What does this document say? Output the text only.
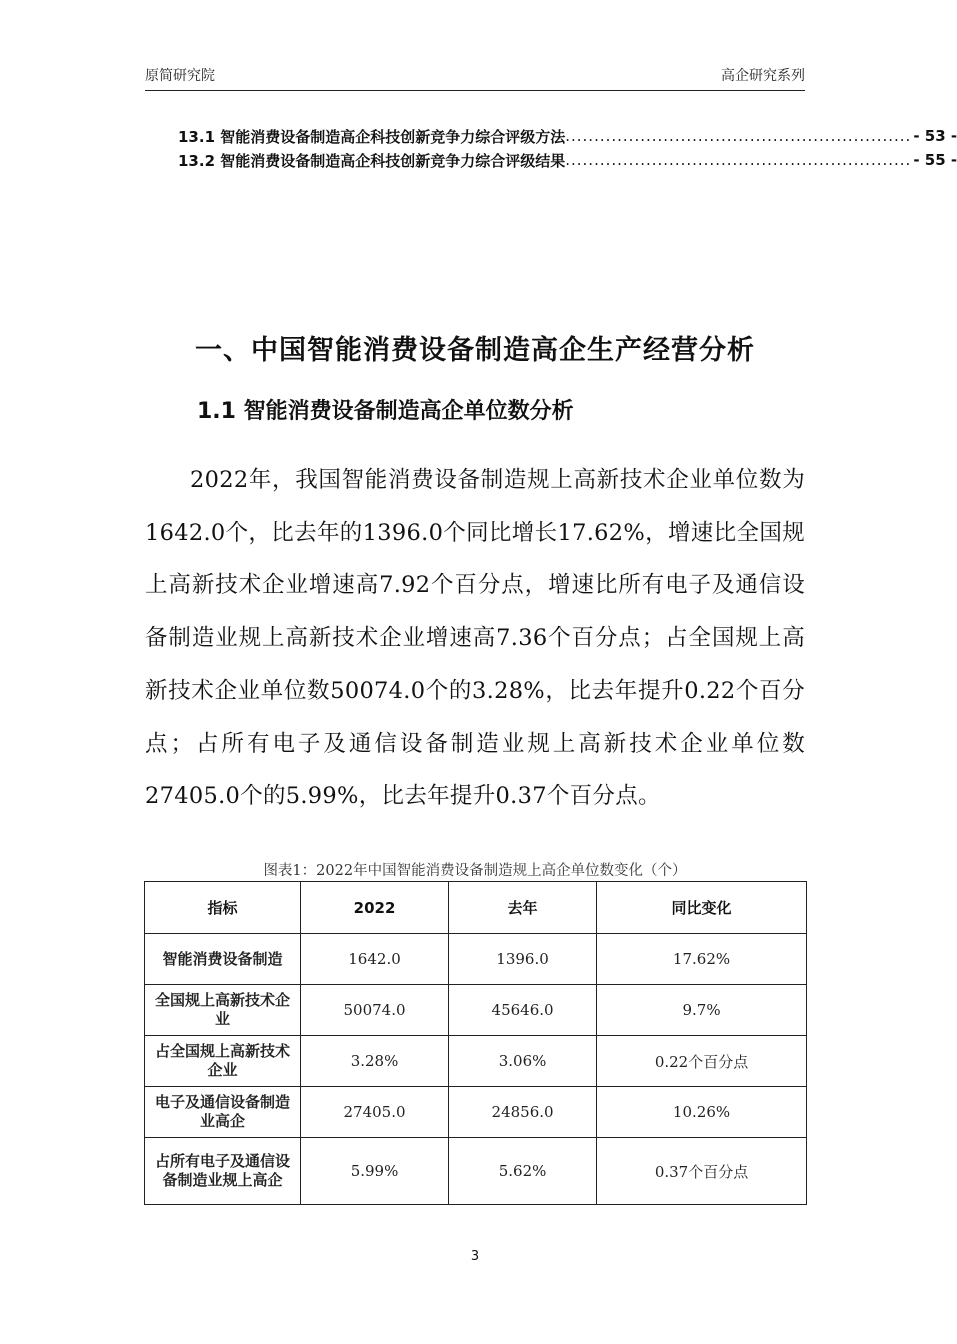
原简研究院	高企研究系列
13.1 智能消费设备制造高企科技创新竞争力综合评级方法 ............................................................ - 53 -
13.2 智能消费设备制造高企科技创新竞争力综合评级结果 ............................................................ - 55 -
一、中国智能消费设备制造高企生产经营分析
1.1 智能消费设备制造高企单位数分析
2022年，我国智能消费设备制造规上高新技术企业单位数为1642.0个，比去年的1396.0个同比增长17.62%，增速比全国规上高新技术企业增速高7.92个百分点，增速比所有电子及通信设备制造业规上高新技术企业增速高7.36个百分点；占全国规上高新技术企业单位数50074.0个的3.28%，比去年提升0.22个百分点；占所有电子及通信设备制造业规上高新技术企业单位数27405.0个的5.99%，比去年提升0.37个百分点。
图表1：2022年中国智能消费设备制造规上高企单位数变化（个）
指标	2022	去年	同比变化
智能消费设备制造	1642.0	1396.0	17.62%
全国规上高新技术企业	50074.0	45646.0	9.7%
占全国规上高新技术企业	3.28%	3.06%	0.22个百分点
电子及通信设备制造业高企	27405.0	24856.0	10.26%
占所有电子及通信设备制造业规上高企	5.99%	5.62%	0.37个百分点
3
